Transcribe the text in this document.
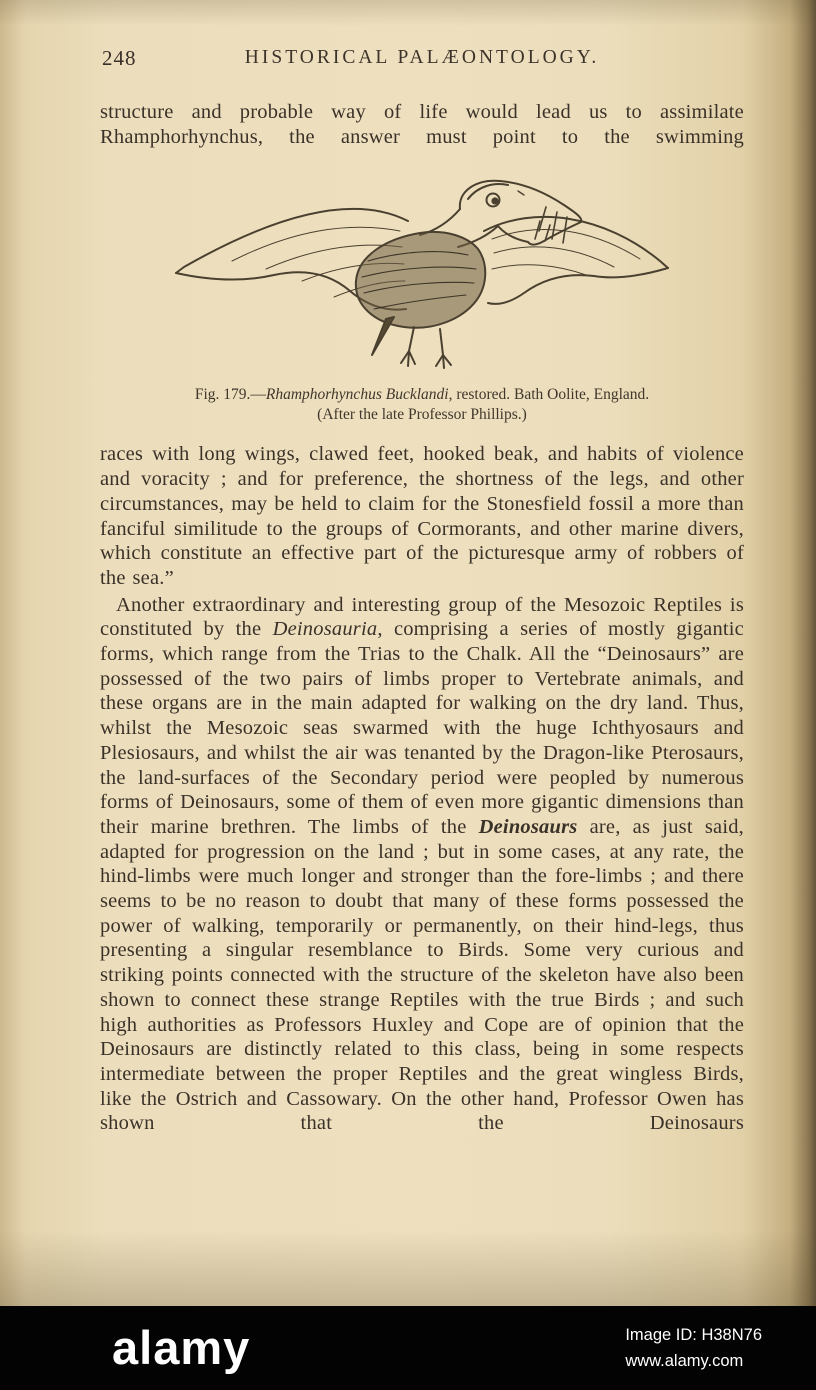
248	HISTORICAL PALÆONTOLOGY.

structure and probable way of life would lead us to assimilate Rhamphorhynchus, the answer must point to the swimming

Fig. 179.—Rhamphorhynchus Bucklandi, restored. Bath Oolite, England.
(After the late Professor Phillips.)

races with long wings, clawed feet, hooked beak, and habits of violence and voracity ; and for preference, the shortness of the legs, and other circumstances, may be held to claim for the Stonesfield fossil a more than fanciful similitude to the groups of Cormorants, and other marine divers, which constitute an effective part of the picturesque army of robbers of the sea.”

Another extraordinary and interesting group of the Mesozoic Reptiles is constituted by the Deinosauria, comprising a series of mostly gigantic forms, which range from the Trias to the Chalk. All the “Deinosaurs” are possessed of the two pairs of limbs proper to Vertebrate animals, and these organs are in the main adapted for walking on the dry land. Thus, whilst the Mesozoic seas swarmed with the huge Ichthyosaurs and Plesiosaurs, and whilst the air was tenanted by the Dragon-like Pterosaurs, the land-surfaces of the Secondary period were peopled by numerous forms of Deinosaurs, some of them of even more gigantic dimensions than their marine brethren. The limbs of the Deinosaurs are, as just said, adapted for progression on the land ; but in some cases, at any rate, the hind-limbs were much longer and stronger than the fore-limbs ; and there seems to be no reason to doubt that many of these forms possessed the power of walking, temporarily or permanently, on their hind-legs, thus presenting a singular resemblance to Birds. Some very curious and striking points connected with the structure of the skeleton have also been shown to connect these strange Reptiles with the true Birds ; and such high authorities as Professors Huxley and Cope are of opinion that the Deinosaurs are distinctly related to this class, being in some respects intermediate between the proper Reptiles and the great wingless Birds, like the Ostrich and Cassowary. On the other hand, Professor Owen has shown that the Deinosaurs

alamy	Image ID: H38N76
www.alamy.com
